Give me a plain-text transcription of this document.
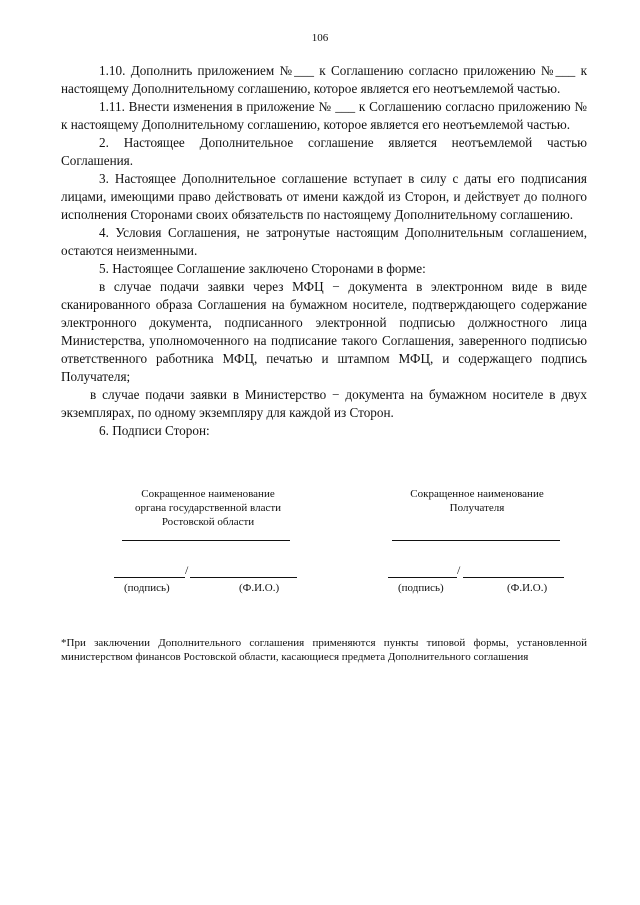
106

1.10. Дополнить приложением №___ к Соглашению согласно приложению №___ к настоящему Дополнительному соглашению, которое является его неотъемлемой частью.

1.11. Внести изменения в приложение № ___ к Соглашению согласно приложению № к настоящему Дополнительному соглашению, которое является его неотъемлемой частью.

2. Настоящее Дополнительное соглашение является неотъемлемой частью Соглашения.

3. Настоящее Дополнительное соглашение вступает в силу с даты его подписания лицами, имеющими право действовать от имени каждой из Сторон, и действует до полного исполнения Сторонами своих обязательств по настоящему Дополнительному соглашению.

4. Условия Соглашения, не затронутые настоящим Дополнительным соглашением, остаются неизменными.

5. Настоящее Соглашение заключено Сторонами в форме:

в случае подачи заявки через МФЦ − документа в электронном виде в виде сканированного образа Соглашения на бумажном носителе, подтверждающего содержание электронного документа, подписанного электронной подписью должностного лица Министерства, уполномоченного на подписание такого Соглашения, заверенного подписью ответственного работника МФЦ, печатью и штампом МФЦ, и содержащего подпись Получателя;

в случае подачи заявки в Министерство − документа на бумажном носителе в двух экземплярах, по одному экземпляру для каждой из Сторон.

6. Подписи Сторон:

Сокращенное наименование
органа государственной власти
Ростовской области
/
(подпись)	(Ф.И.О.)
Сокращенное наименование
Получателя
/
(подпись)	(Ф.И.О.)
*При заключении Дополнительного соглашения применяются пункты типовой формы, установленной министерством финансов Ростовской области, касающиеся предмета Дополнительного соглашения
